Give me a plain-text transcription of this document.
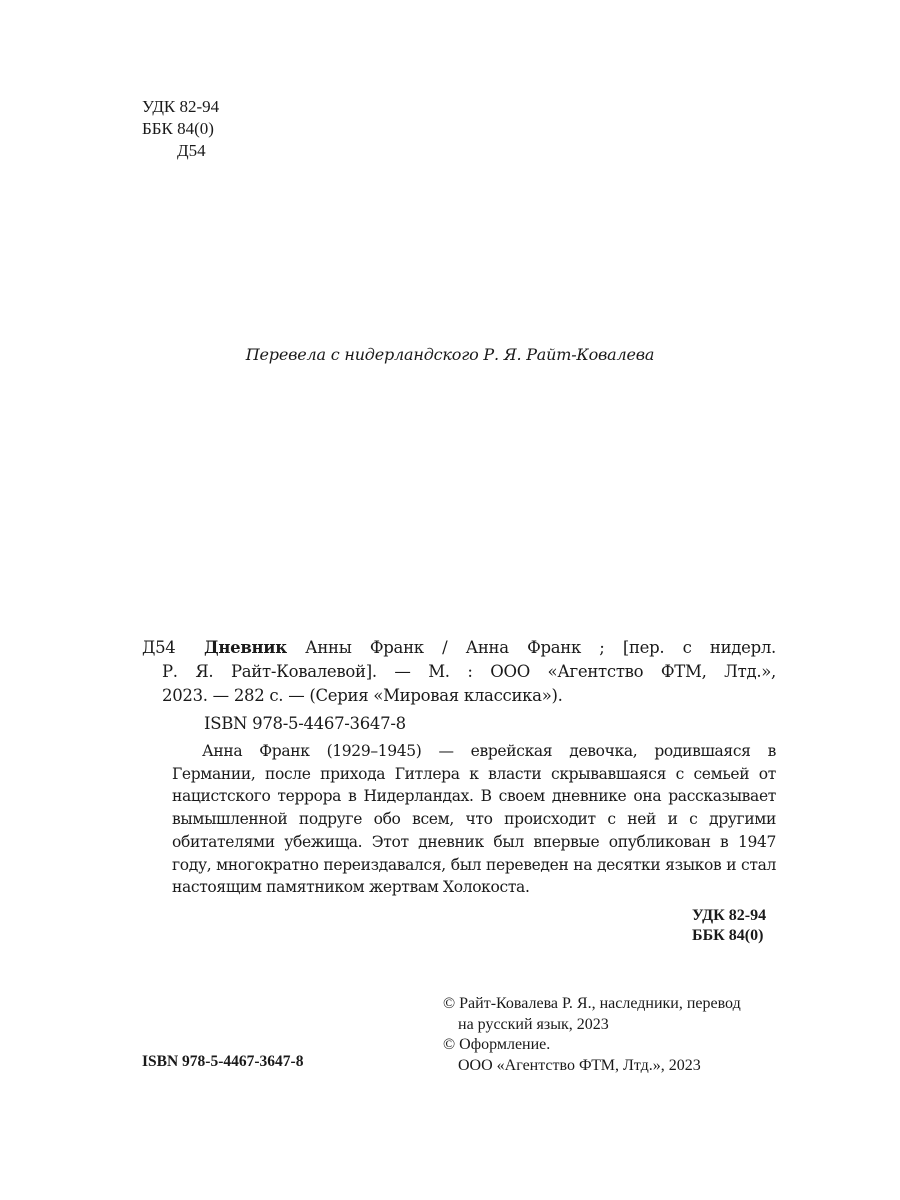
УДК 82-94
ББК 84(0)
Д54
Перевела с нидерландского Р. Я. Райт-Ковалева
Д54	Дневник Анны Франк / Анна Франк ; [пер. с нидерл.
Р. Я. Райт-Ковалевой]. — М. : ООО «Агентство ФТМ, Лтд.»,
2023. — 282 с. — (Серия «Мировая классика»).
ISBN 978-5-4467-3647-8

Анна Франк (1929–1945) — еврейская девочка, родившаяся в Германии, после прихода Гитлера к власти скрывавшаяся с семьей от нацистского террора в Нидерландах. В своем дневнике она рассказывает вымышленной подруге обо всем, что происходит с ней и с другими обитателями убежища. Этот дневник был впервые опубликован в 1947 году, многократно переиздавался, был переведен на десятки языков и стал настоящим памятником жертвам Холокоста.

УДК 82-94
ББК 84(0)
© Райт-Ковалева Р. Я., наследники, перевод
на русский язык, 2023
© Оформление.
ООО «Агентство ФТМ, Лтд.», 2023
ISBN 978-5-4467-3647-8
